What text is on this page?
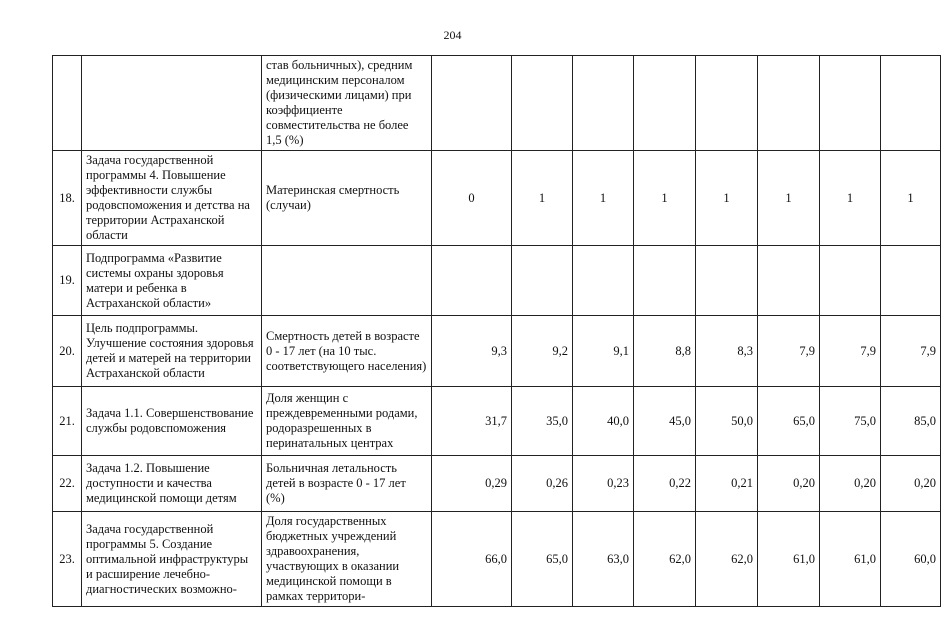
204
		став больничных), средним медицинским персоналом (физическими лицами) при коэффициенте совместительства не более 1,5 (%)								
18.	Задача государственной программы 4. Повышение эффективности службы родовспоможения и детства на территории Астраханской области	Материнская смертность (случаи)	0	1	1	1	1	1	1	1
19.	Подпрограмма «Развитие системы охраны здоровья матери и ребенка в Астраханской области»									
20.	Цель подпрограммы. Улучшение состояния здоровья детей и матерей на территории Астраханской области	Смертность детей в возрасте 0 - 17 лет (на 10 тыс. соответствующего населения)	9,3	9,2	9,1	8,8	8,3	7,9	7,9	7,9
21.	Задача 1.1. Совершенствование службы родовспоможения	Доля женщин с преждевременными родами, родоразрешенных в перинатальных центрах	31,7	35,0	40,0	45,0	50,0	65,0	75,0	85,0
22.	Задача 1.2. Повышение доступности и качества медицинской помощи детям	Больничная летальность детей в возрасте 0 - 17 лет (%)	0,29	0,26	0,23	0,22	0,21	0,20	0,20	0,20
23.	Задача государственной программы 5. Создание оптимальной инфраструктуры и расширение лечебно-диагностических возможно-	Доля государственных бюджетных учреждений здравоохранения, участвующих в оказании медицинской помощи в рамках территори-	66,0	65,0	63,0	62,0	62,0	61,0	61,0	60,0
